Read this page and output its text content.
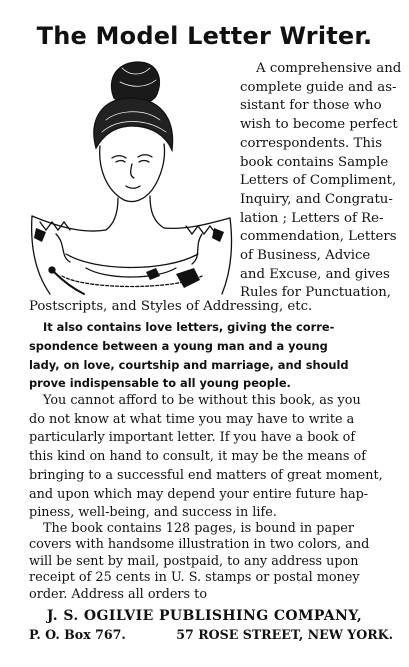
The Model Letter Writer.
A comprehensive and
complete guide and as-
sistant for those who
wish to become perfect
correspondents. This
book contains Sample
Letters of Compliment,
Inquiry, and Congratu-
lation ; Letters of Re-
commendation, Letters
of Business, Advice
and Excuse, and gives
Rules for Punctuation,
Postscripts, and Styles of Addressing, etc.
It also contains love letters, giving the corre-
spondence between a young man and a young
lady, on love, courtship and marriage, and should
prove indispensable to all young people.
You cannot afford to be without this book, as you
do not know at what time you may have to write a
particularly important letter. If you have a book of
this kind on hand to consult, it may be the means of
bringing to a successful end matters of great moment,
and upon which may depend your entire future hap-
piness, well-being, and success in life.
The book contains 128 pages, is bound in paper
covers with handsome illustration in two colors, and
will be sent by mail, postpaid, to any address upon
receipt of 25 cents in U. S. stamps or postal money
order. Address all orders to
J. S. OGILVIE PUBLISHING COMPANY,
P. O. Box 767.	57 ROSE STREET, NEW YORK.
